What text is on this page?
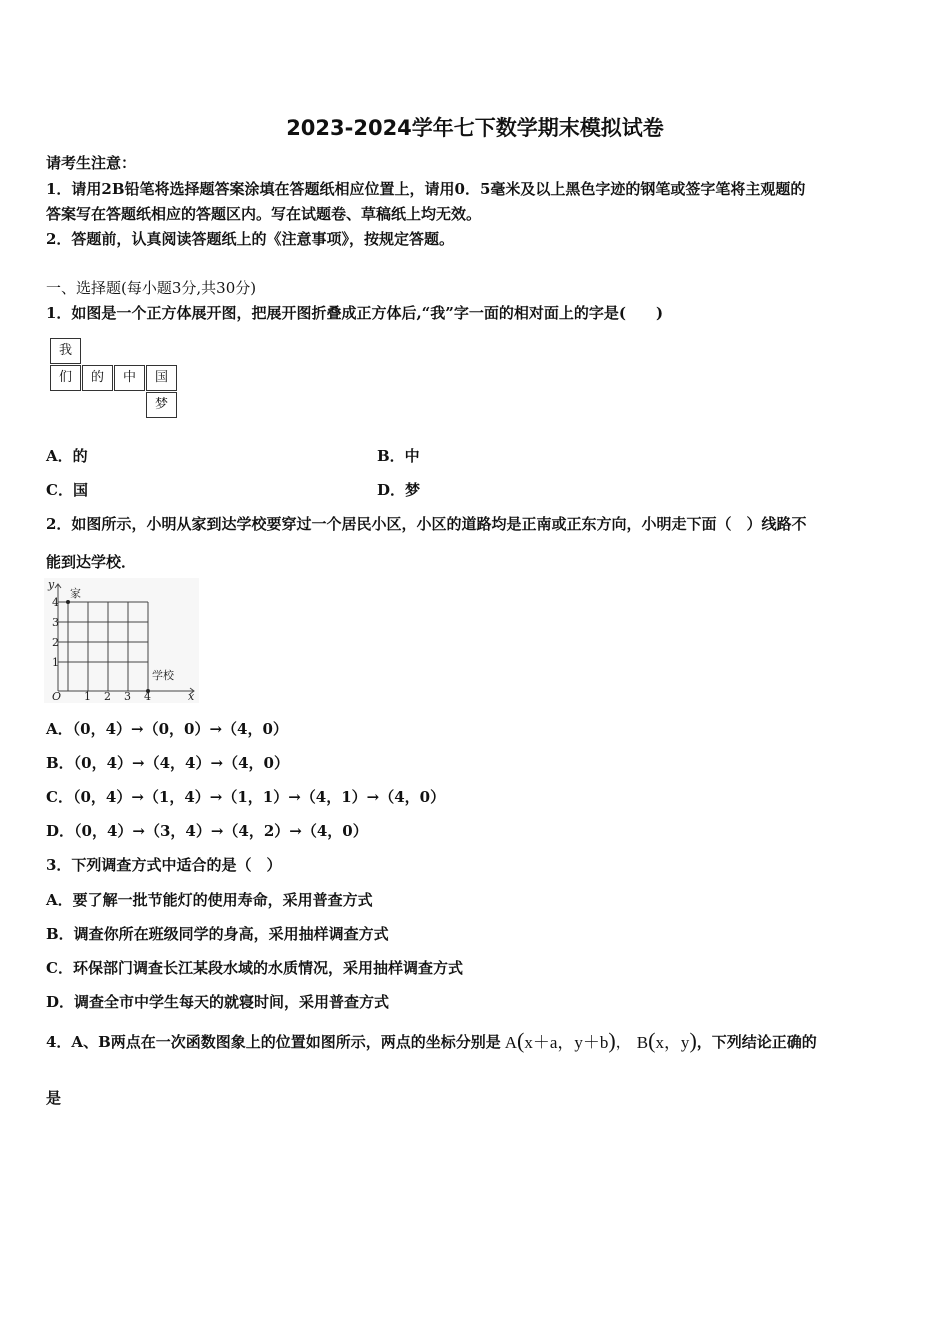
2023-2024学年七下数学期末模拟试卷
请考生注意：
1．请用2B铅笔将选择题答案涂填在答题纸相应位置上，请用0．5毫米及以上黑色字迹的钢笔或签字笔将主观题的
答案写在答题纸相应的答题区内。写在试题卷、草稿纸上均无效。
2．答题前，认真阅读答题纸上的《注意事项》，按规定答题。
一、选择题(每小题3分,共30分)
1．如图是一个正方体展开图，把展开图折叠成正方体后,“我”字一面的相对面上的字是(　　)
我
们	的	中	国
梦
A．的	B．中
C．国	D．梦
2．如图所示，小明从家到达学校要穿过一个居民小区，小区的道路均是正南或正东方向，小明走下面（　）线路不
能到达学校．
y
x
O
家
学校
4
3
2
1
1 2 3 4
A．（0，4）→（0，0）→（4，0）
B．（0，4）→（4，4）→（4，0）
C．（0，4）→（1，4）→（1，1）→（4，1）→（4，0）
D．（0，4）→（3，4）→（4，2）→（4，0）
3．下列调查方式中适合的是（　）
A．要了解一批节能灯的使用寿命，采用普查方式
B．调查你所在班级同学的身高，采用抽样调查方式
C．环保部门调查长江某段水域的水质情况，采用抽样调查方式
D．调查全市中学生每天的就寝时间，采用普查方式
4．A、B两点在一次函数图象上的位置如图所示，两点的坐标分别是 A(x＋a，y＋b) ， B(x，y) ，下列结论正确的
是
